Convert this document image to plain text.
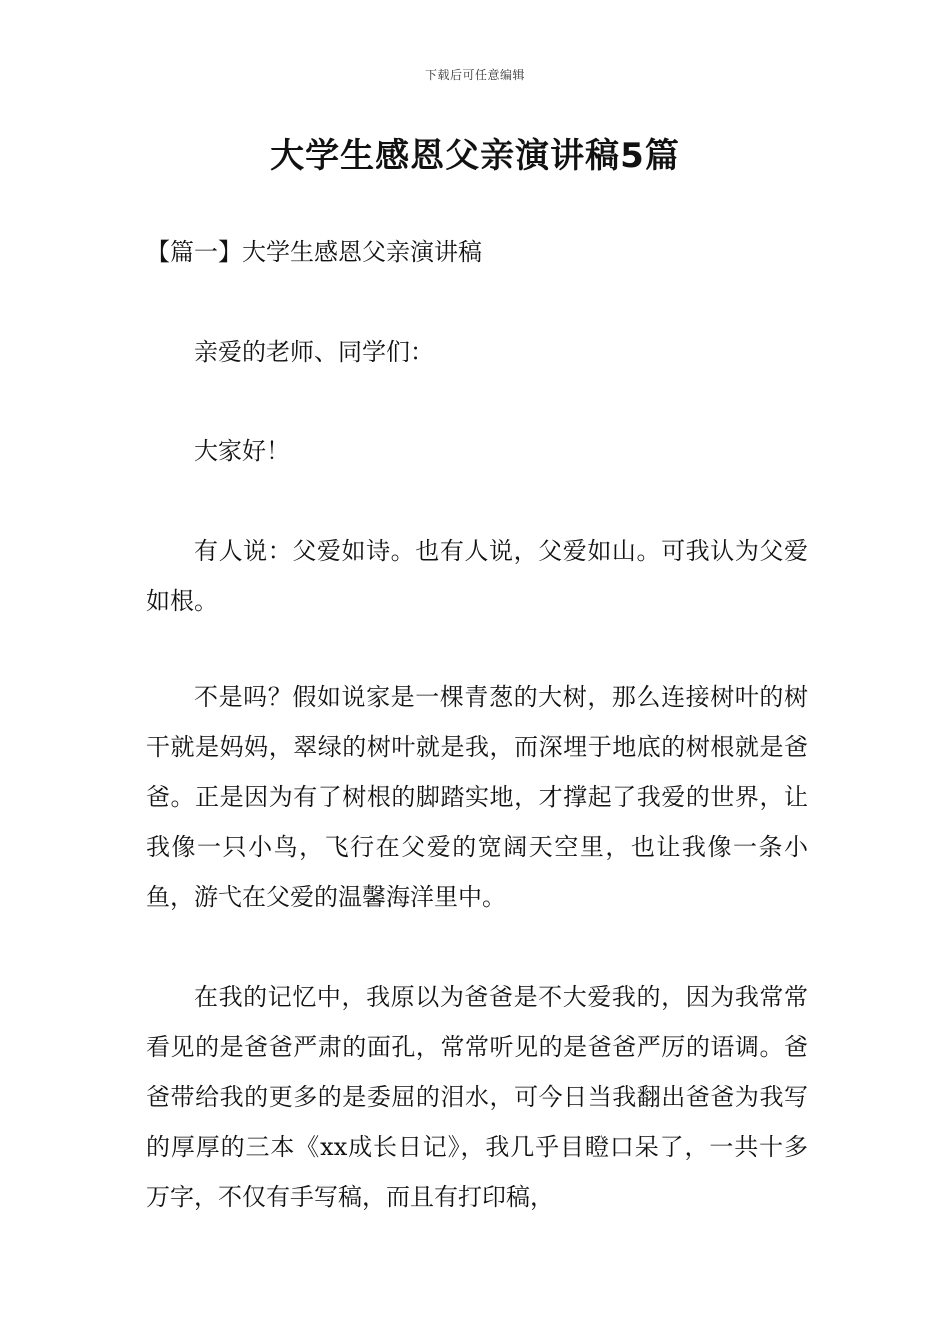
下载后可任意编辑
大学生感恩父亲演讲稿5篇
【篇一】大学生感恩父亲演讲稿

亲爱的老师、同学们：

大家好！

有人说：父爱如诗。也有人说，父爱如山。可我认为父爱如根。

不是吗？假如说家是一棵青葱的大树，那么连接树叶的树干就是妈妈，翠绿的树叶就是我，而深埋于地底的树根就是爸爸。正是因为有了树根的脚踏实地，才撑起了我爱的世界，让我像一只小鸟，飞行在父爱的宽阔天空里，也让我像一条小鱼，游弋在父爱的温馨海洋里中。

在我的记忆中，我原以为爸爸是不大爱我的，因为我常常看见的是爸爸严肃的面孔，常常听见的是爸爸严厉的语调。爸爸带给我的更多的是委屈的泪水，可今日当我翻出爸爸为我写的厚厚的三本《xx成长日记》，我几乎目瞪口呆了，一共十多万字，不仅有手写稿，而且有打印稿，
